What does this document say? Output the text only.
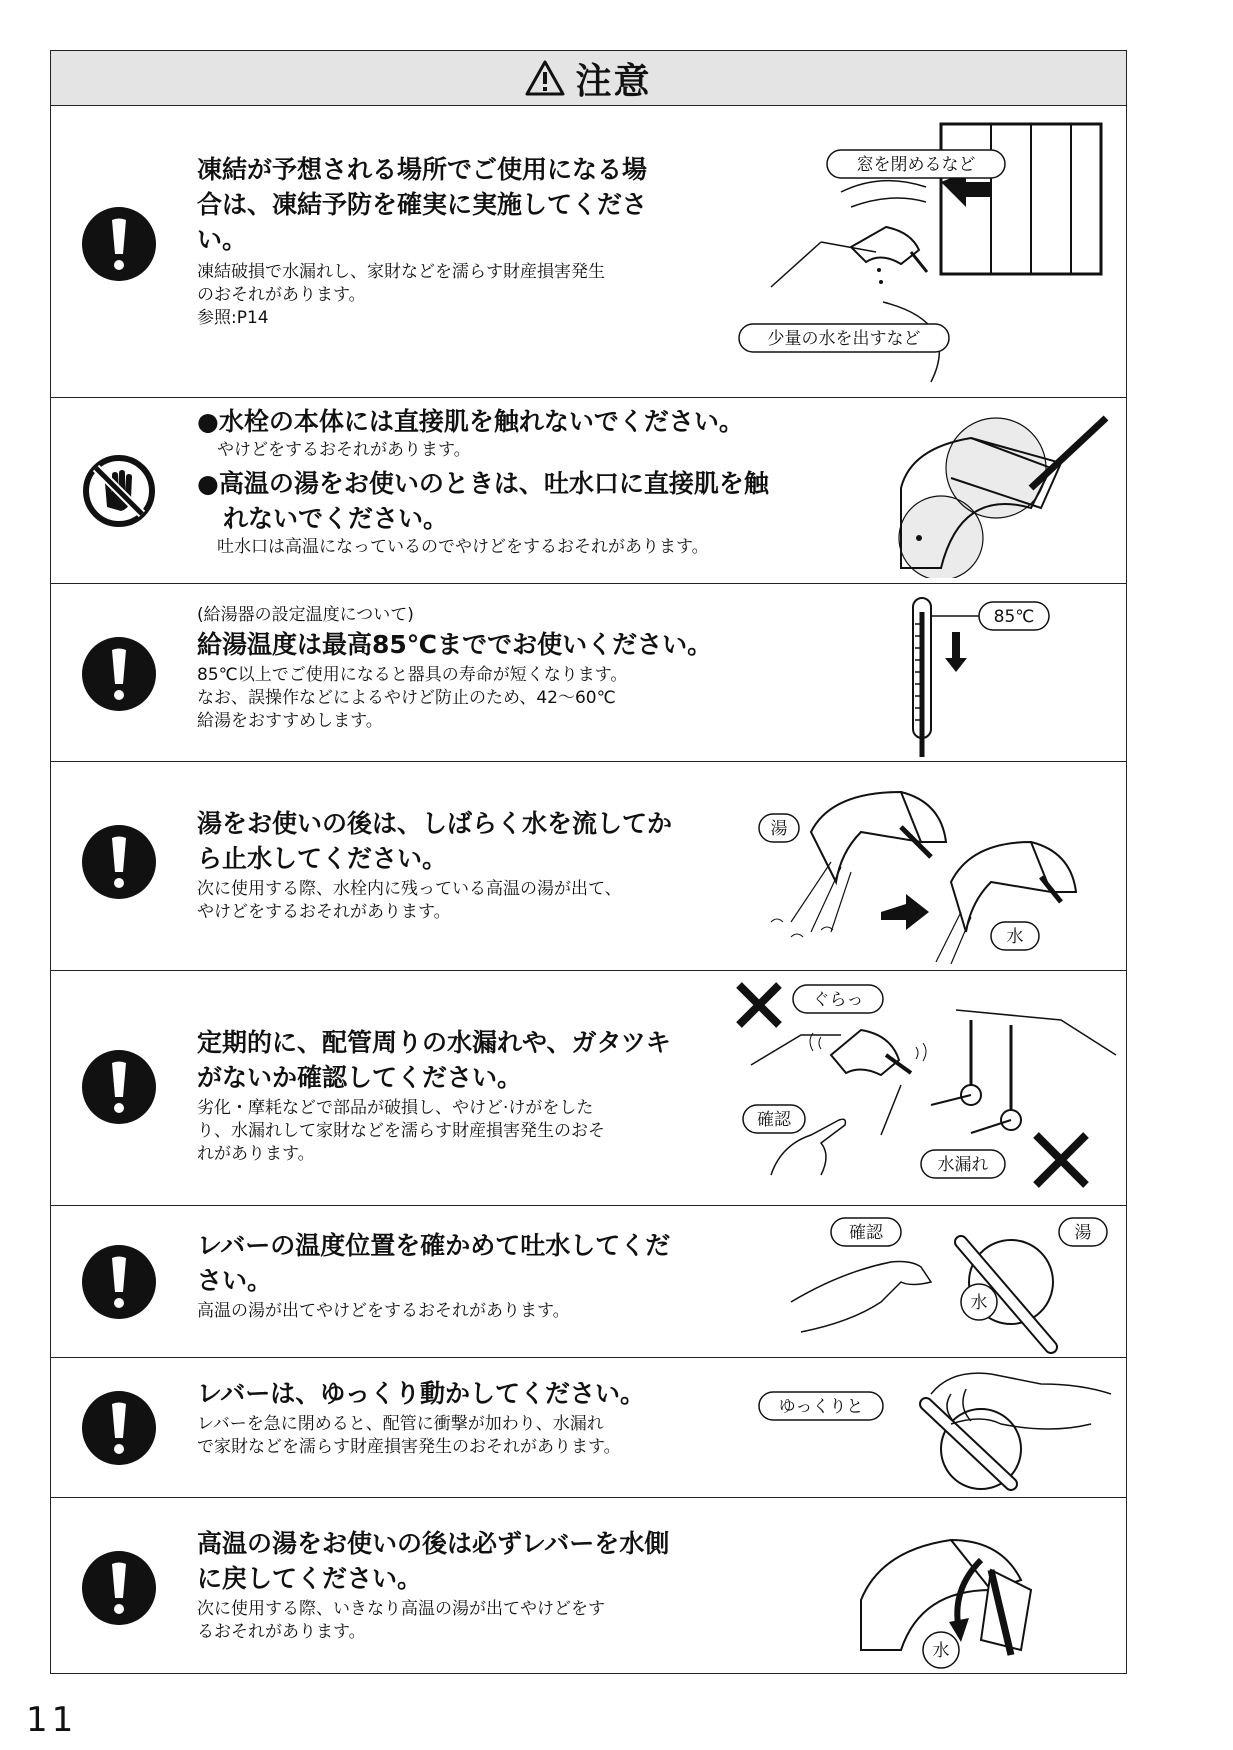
注意
凍結が予想される場所でご使用になる場
合は、凍結予防を確実に実施してくださ
い。
凍結破損で水漏れし、家財などを濡らす財産損害発生
のおそれがあります。
参照:P14
窓を閉めるなど
少量の水を出すなど
●水栓の本体には直接肌を触れないでください。
やけどをするおそれがあります。
●高温の湯をお使いのときは、吐水口に直接肌を触
れないでください。
吐水口は高温になっているのでやけどをするおそれがあります。
(給湯器の設定温度について)
給湯温度は最高85℃まででお使いください。
85℃以上でご使用になると器具の寿命が短くなります。
なお、誤操作などによるやけど防止のため、42～60℃
給湯をおすすめします。
85℃
湯をお使いの後は、しばらく水を流してか
ら止水してください。
次に使用する際、水栓内に残っている高温の湯が出て、
やけどをするおそれがあります。
湯
水
定期的に、配管周りの水漏れや、ガタツキ
がないか確認してください。
劣化・摩耗などで部品が破損し、やけど·けがをした
り、水漏れして家財などを濡らす財産損害発生のおそ
れがあります。
ぐらっ
確認
水漏れ
レバーの温度位置を確かめて吐水してくだ
さい。
高温の湯が出てやけどをするおそれがあります。
確認	湯
水
レバーは、ゆっくり動かしてください。
レバーを急に閉めると、配管に衝撃が加わり、水漏れ
で家財などを濡らす財産損害発生のおそれがあります。
ゆっくりと
高温の湯をお使いの後は必ずレバーを水側
に戻してください。
次に使用する際、いきなり高温の湯が出てやけどをす
るおそれがあります。
水
11
